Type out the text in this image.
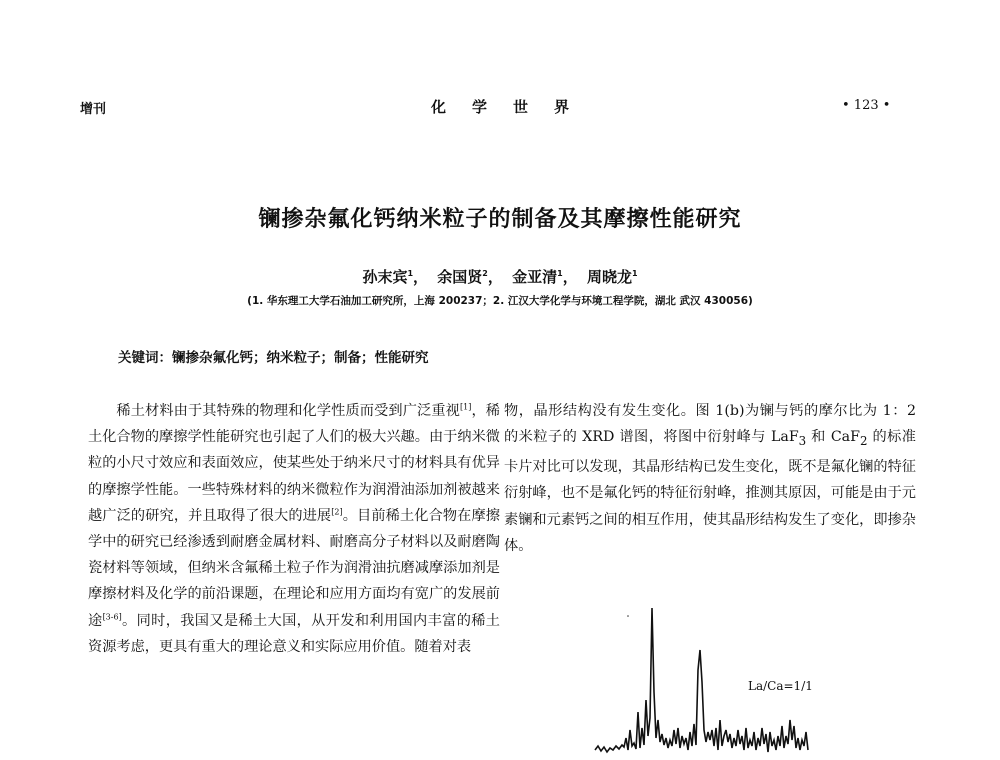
增刊	化学世界	• 123 •
镧掺杂氟化钙纳米粒子的制备及其摩擦性能研究
孙末宾$^1$， 余国贤$^2$， 金亚清$^1$， 周晓龙$^1$
(1. 华东理工大学石油加工研究所，上海 200237；2. 江汉大学化学与环境工程学院，湖北 武汉 430056)
关键词：镧掺杂氟化钙；纳米粒子；制备；性能研究

稀土材料由于其特殊的物理和化学性质而受到广泛重视[1]，稀土化合物的摩擦学性能研究也引起了人们的极大兴趣。由于纳米微粒的小尺寸效应和表面效应，使某些处于纳米尺寸的材料具有优异的摩擦学性能。一些特殊材料的纳米微粒作为润滑油添加剂被越来越广泛的研究，并且取得了很大的进展[2]。目前稀土化合物在摩擦学中的研究已经渗透到耐磨金属材料、耐磨高分子材料以及耐磨陶瓷材料等领域，但纳米含氟稀土粒子作为润滑油抗磨减摩添加剂是摩擦材料及化学的前沿课题，在理论和应用方面均有宽广的发展前途[3-6]。同时，我国又是稀土大国，从开发和利用国内丰富的稀土资源考虑，更具有重大的理论意义和实际应用价值。随着对表

物，晶形结构没有发生变化。图 1(b)为镧与钙的摩尔比为 1：2 的米粒子的 XRD 谱图，将图中衍射峰与 LaF$_3$ 和 CaF$_2$ 的标准卡片对比可以发现，其晶形结构已发生变化，既不是氟化镧的特征衍射峰，也不是氟化钙的特征衍射峰，推测其原因，可能是由于元素镧和元素钙之间的相互作用，使其晶形结构发生了变化，即掺杂体。

La/Ca=1/1
